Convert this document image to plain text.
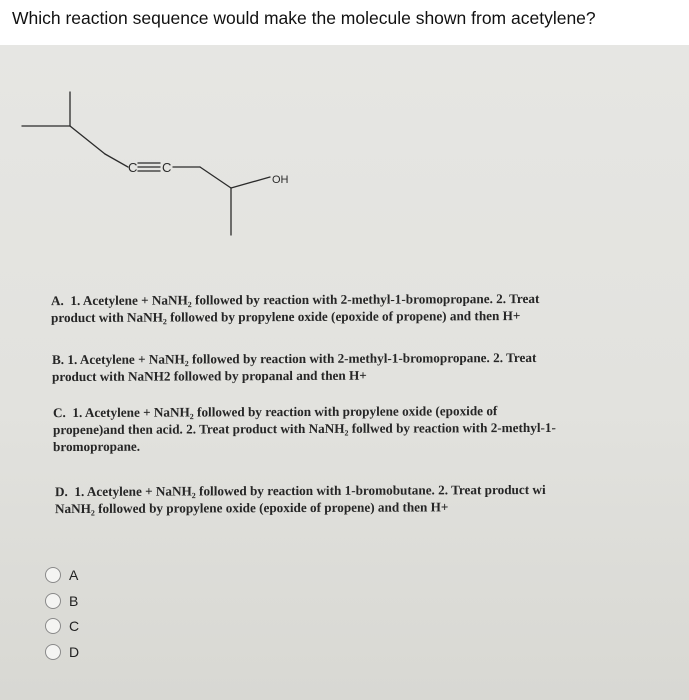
Which reaction sequence would make the molecule shown from acetylene?
C C
OH

A. 1. Acetylene + NaNH₂ followed by reaction with 2-methyl-1-bromopropane. 2. Treat

product with NaNH₂ followed by propylene oxide (epoxide of propene) and then H+

B. 1. Acetylene + NaNH₂ followed by reaction with 2-methyl-1-bromopropane. 2. Treat

product with NaNH2 followed by propanal and then H+

C. 1. Acetylene + NaNH₂ followed by reaction with propylene oxide (epoxide of

propene)and then acid. 2. Treat product with NaNH₂ follwed by reaction with 2-methyl-1-

bromopropane.

D. 1. Acetylene + NaNH₂ followed by reaction with 1-bromobutane. 2. Treat product wi

NaNH₂ followed by propylene oxide (epoxide of propene) and then H+

A
B
C
D
